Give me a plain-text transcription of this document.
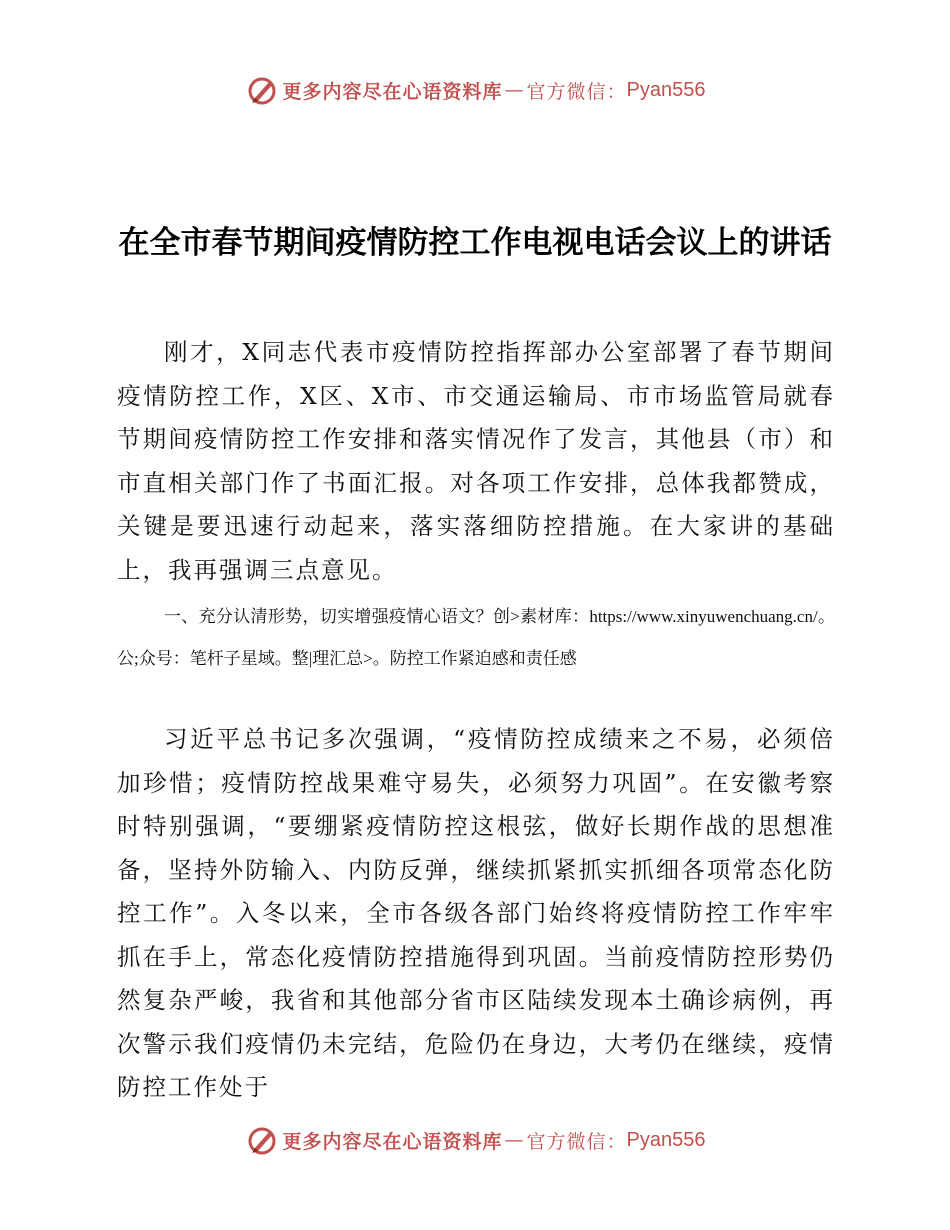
更多内容尽在心语资料库 — 官方微信： Pyan556
在全市春节期间疫情防控工作电视电话会议上的讲话

刚才，X同志代表市疫情防控指挥部办公室部署了春节期间疫情防控工作，X区、X市、市交通运输局、市市场监管局就春节期间疫情防控工作安排和落实情况作了发言，其他县（市）和市直相关部门作了书面汇报。对各项工作安排，总体我都赞成，关键是要迅速行动起来，落实落细防控措施。在大家讲的基础上，我再强调三点意见。

一、充分认清形势，切实增强疫情心语文？创>素材库：https://www.xinyuwenchuang.cn/。公;众号：笔杆子星域。整|理汇总>。防控工作紧迫感和责任感

习近平总书记多次强调，“疫情防控成绩来之不易，必须倍加珍惜；疫情防控战果难守易失，必须努力巩固”。在安徽考察时特别强调，“要绷紧疫情防控这根弦，做好长期作战的思想准备，坚持外防输入、内防反弹，继续抓紧抓实抓细各项常态化防控工作”。入冬以来，全市各级各部门始终将疫情防控工作牢牢抓在手上，常态化疫情防控措施得到巩固。当前疫情防控形势仍然复杂严峻，我省和其他部分省市区陆续发现本土确诊病例，再次警示我们疫情仍未完结，危险仍在身边，大考仍在继续，疫情防控工作处于

更多内容尽在心语资料库 — 官方微信： Pyan556
